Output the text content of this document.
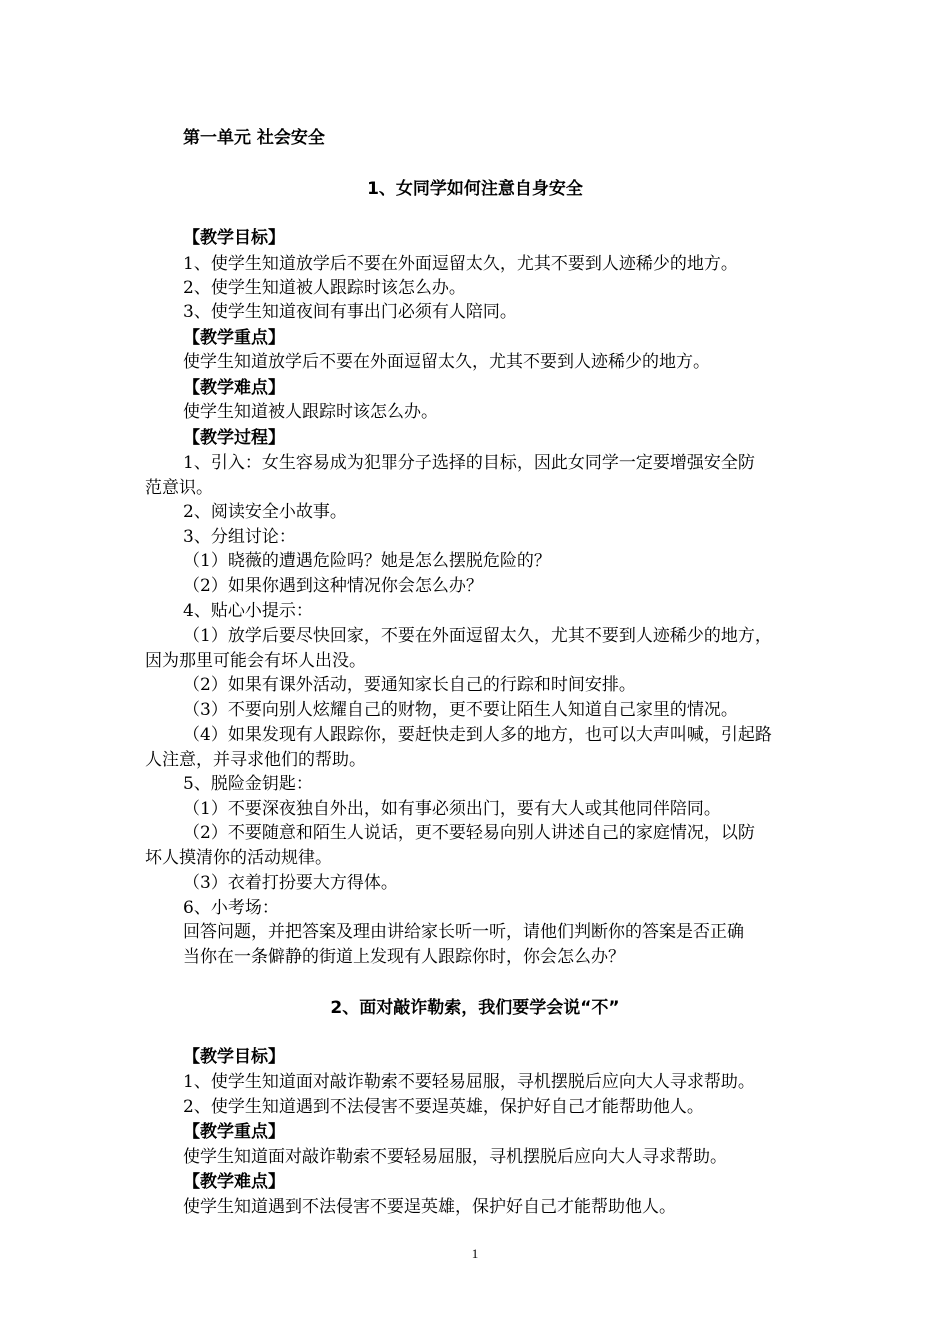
第一单元 社会安全
1、女同学如何注意自身安全
【教学目标】
1、使学生知道放学后不要在外面逗留太久，尤其不要到人迹稀少的地方。
2、使学生知道被人跟踪时该怎么办。
3、使学生知道夜间有事出门必须有人陪同。
【教学重点】
使学生知道放学后不要在外面逗留太久，尤其不要到人迹稀少的地方。
【教学难点】
使学生知道被人跟踪时该怎么办。
【教学过程】
1、引入：女生容易成为犯罪分子选择的目标，因此女同学一定要增强安全防
范意识。
2、阅读安全小故事。
3、分组讨论：
（1）晓薇的遭遇危险吗？她是怎么摆脱危险的？
（2）如果你遇到这种情况你会怎么办？
4、贴心小提示：
（1）放学后要尽快回家，不要在外面逗留太久，尤其不要到人迹稀少的地方，
因为那里可能会有坏人出没。
（2）如果有课外活动，要通知家长自己的行踪和时间安排。
（3）不要向别人炫耀自己的财物，更不要让陌生人知道自己家里的情况。
（4）如果发现有人跟踪你，要赶快走到人多的地方，也可以大声叫喊，引起路
人注意，并寻求他们的帮助。
5、脱险金钥匙：
（1）不要深夜独自外出，如有事必须出门，要有大人或其他同伴陪同。
（2）不要随意和陌生人说话，更不要轻易向别人讲述自己的家庭情况，以防
坏人摸清你的活动规律。
（3）衣着打扮要大方得体。
6、小考场：
回答问题，并把答案及理由讲给家长听一听，请他们判断你的答案是否正确
当你在一条僻静的街道上发现有人跟踪你时，你会怎么办？
2、面对敲诈勒索，我们要学会说“不”
【教学目标】
1、使学生知道面对敲诈勒索不要轻易屈服，寻机摆脱后应向大人寻求帮助。
2、使学生知道遇到不法侵害不要逞英雄，保护好自己才能帮助他人。
【教学重点】
使学生知道面对敲诈勒索不要轻易屈服，寻机摆脱后应向大人寻求帮助。
【教学难点】
使学生知道遇到不法侵害不要逞英雄，保护好自己才能帮助他人。
1
